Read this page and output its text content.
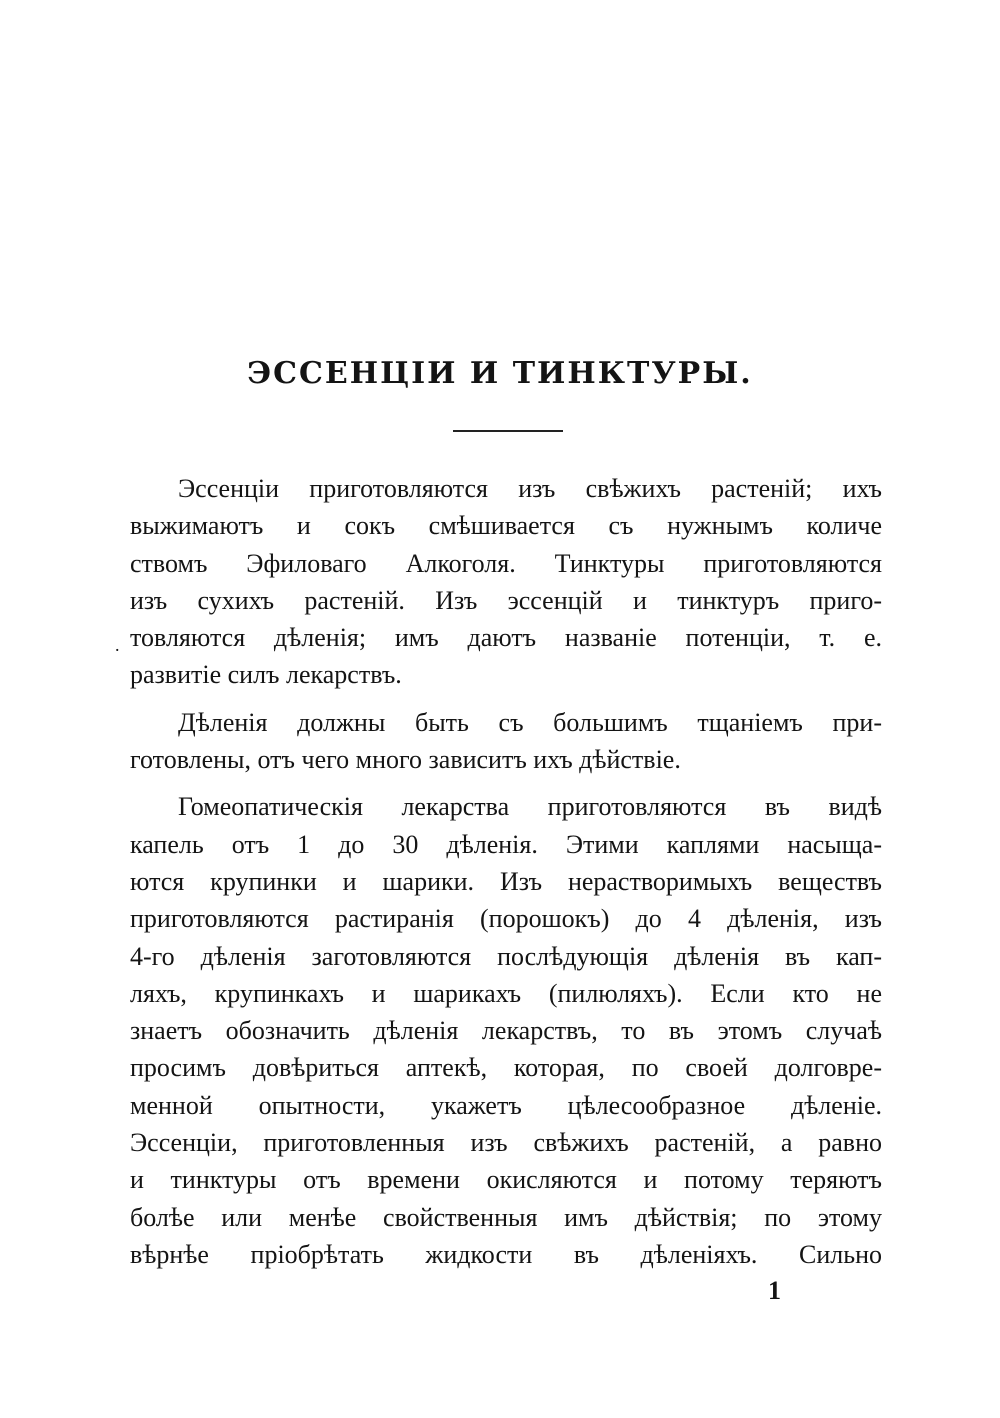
ЭССЕНЦІИ И ТИНКТУРЫ.
.
Эссенціи приготовляются изъ свѣжихъ растеній; ихъ
выжимаютъ и сокъ смѣшивается съ нужнымъ количе
ствомъ Эфиловаго Алкоголя. Тинктуры приготовляются
изъ сухихъ растеній. Изъ эссенцій и тинктуръ приго-
товляются дѣленія; имъ даютъ названіе потенціи, т. е.
развитіе силъ лекарствъ.
Дѣленія должны быть съ большимъ тщаніемъ при-
готовлены, отъ чего много зависитъ ихъ дѣйствіе.
Гомеопатическія лекарства приготовляются въ видѣ
капель отъ 1 до 30 дѣленія. Этими каплями насыща-
ются крупинки и шарики. Изъ нерастворимыхъ веществъ
приготовляются растиранія (порошокъ) до 4 дѣленія, изъ
4-го дѣленія заготовляются послѣдующія дѣленія въ кап-
ляхъ, крупинкахъ и шарикахъ (пилюляхъ). Если кто не
знаетъ обозначить дѣленія лекарствъ, то въ этомъ случаѣ
просимъ довѣриться аптекѣ, которая, по своей долговре-
менной опытности, укажетъ цѣлесообразное дѣленіе.
Эссенціи, приготовленныя изъ свѣжихъ растеній, а равно
и тинктуры отъ времени окисляются и потому теряютъ
болѣе или менѣе свойственныя имъ дѣйствія; по этому
вѣрнѣе пріобрѣтать жидкости въ дѣленіяхъ. Сильно
1
